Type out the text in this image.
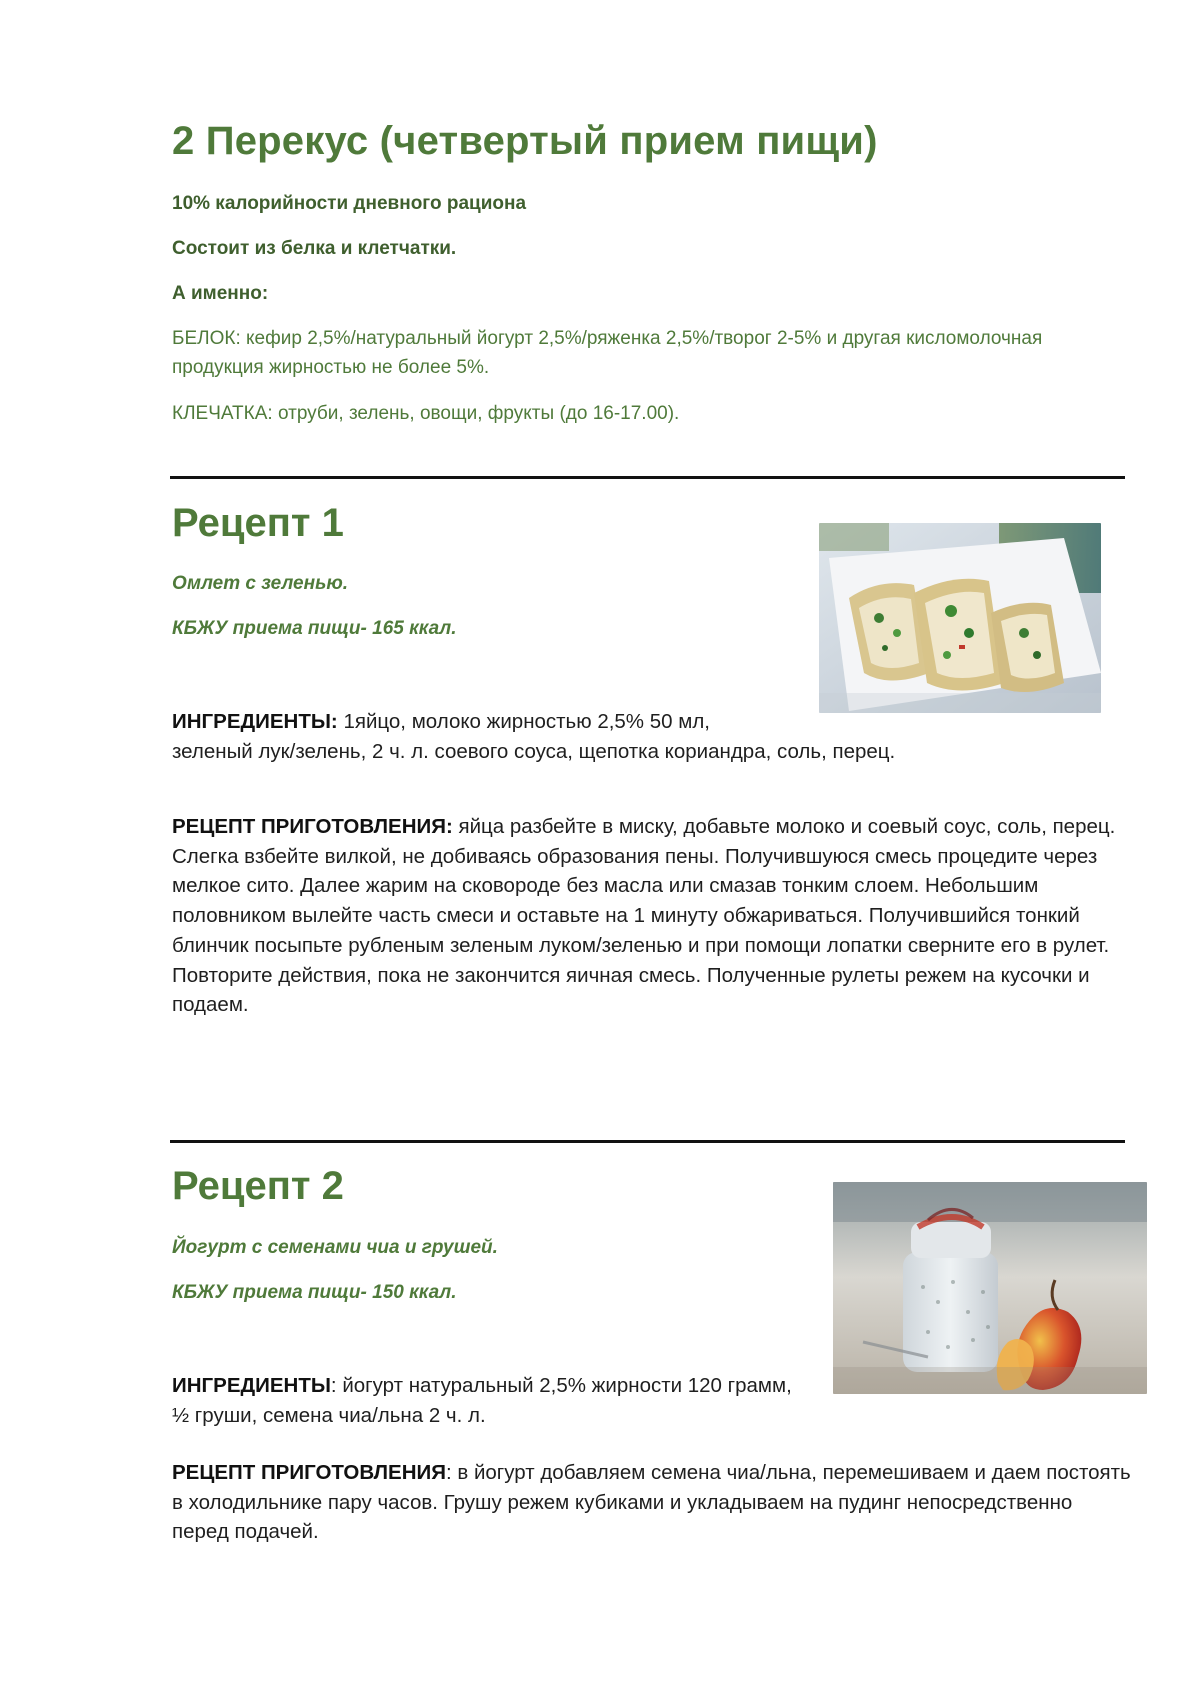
2 Перекус (четвертый прием пищи)

10% калорийности дневного рациона

Состоит из белка и клетчатки.

А именно:

БЕЛОК: кефир 2,5%/натуральный йогурт 2,5%/ряженка 2,5%/творог 2-5% и другая кисломолочная продукция жирностью не более 5%.

КЛЕЧАТКА: отруби, зелень, овощи, фрукты (до 16-17.00).

Рецепт 1

Омлет с зеленью.

КБЖУ приема пищи- 165 ккал.

ИНГРЕДИЕНТЫ: 1яйцо, молоко жирностью 2,5% 50 мл,
зеленый лук/зелень, 2 ч. л. соевого соуса, щепотка кориандра, соль, перец.

РЕЦЕПТ ПРИГОТОВЛЕНИЯ: яйца разбейте в миску, добавьте молоко и соевый соус, соль, перец. Слегка взбейте вилкой, не добиваясь образования пены. Получившуюся смесь процедите через мелкое сито. Далее жарим на сковороде без масла или смазав тонким слоем. Небольшим половником вылейте часть смеси и оставьте на 1 минуту обжариваться. Получившийся тонкий блинчик посыпьте рубленым зеленым луком/зеленью и при помощи лопатки сверните его в рулет. Повторите действия, пока не закончится яичная смесь. Полученные рулеты режем на кусочки и подаем.

Рецепт 2

Йогурт с семенами чиа и грушей.

КБЖУ приема пищи- 150 ккал.

ИНГРЕДИЕНТЫ: йогурт натуральный 2,5% жирности 120 грамм,
½ груши, семена чиа/льна 2 ч. л.

РЕЦЕПТ ПРИГОТОВЛЕНИЯ: в йогурт добавляем семена чиа/льна, перемешиваем и даем постоять в холодильнике пару часов. Грушу режем кубиками и укладываем на пудинг непосредственно перед подачей.
